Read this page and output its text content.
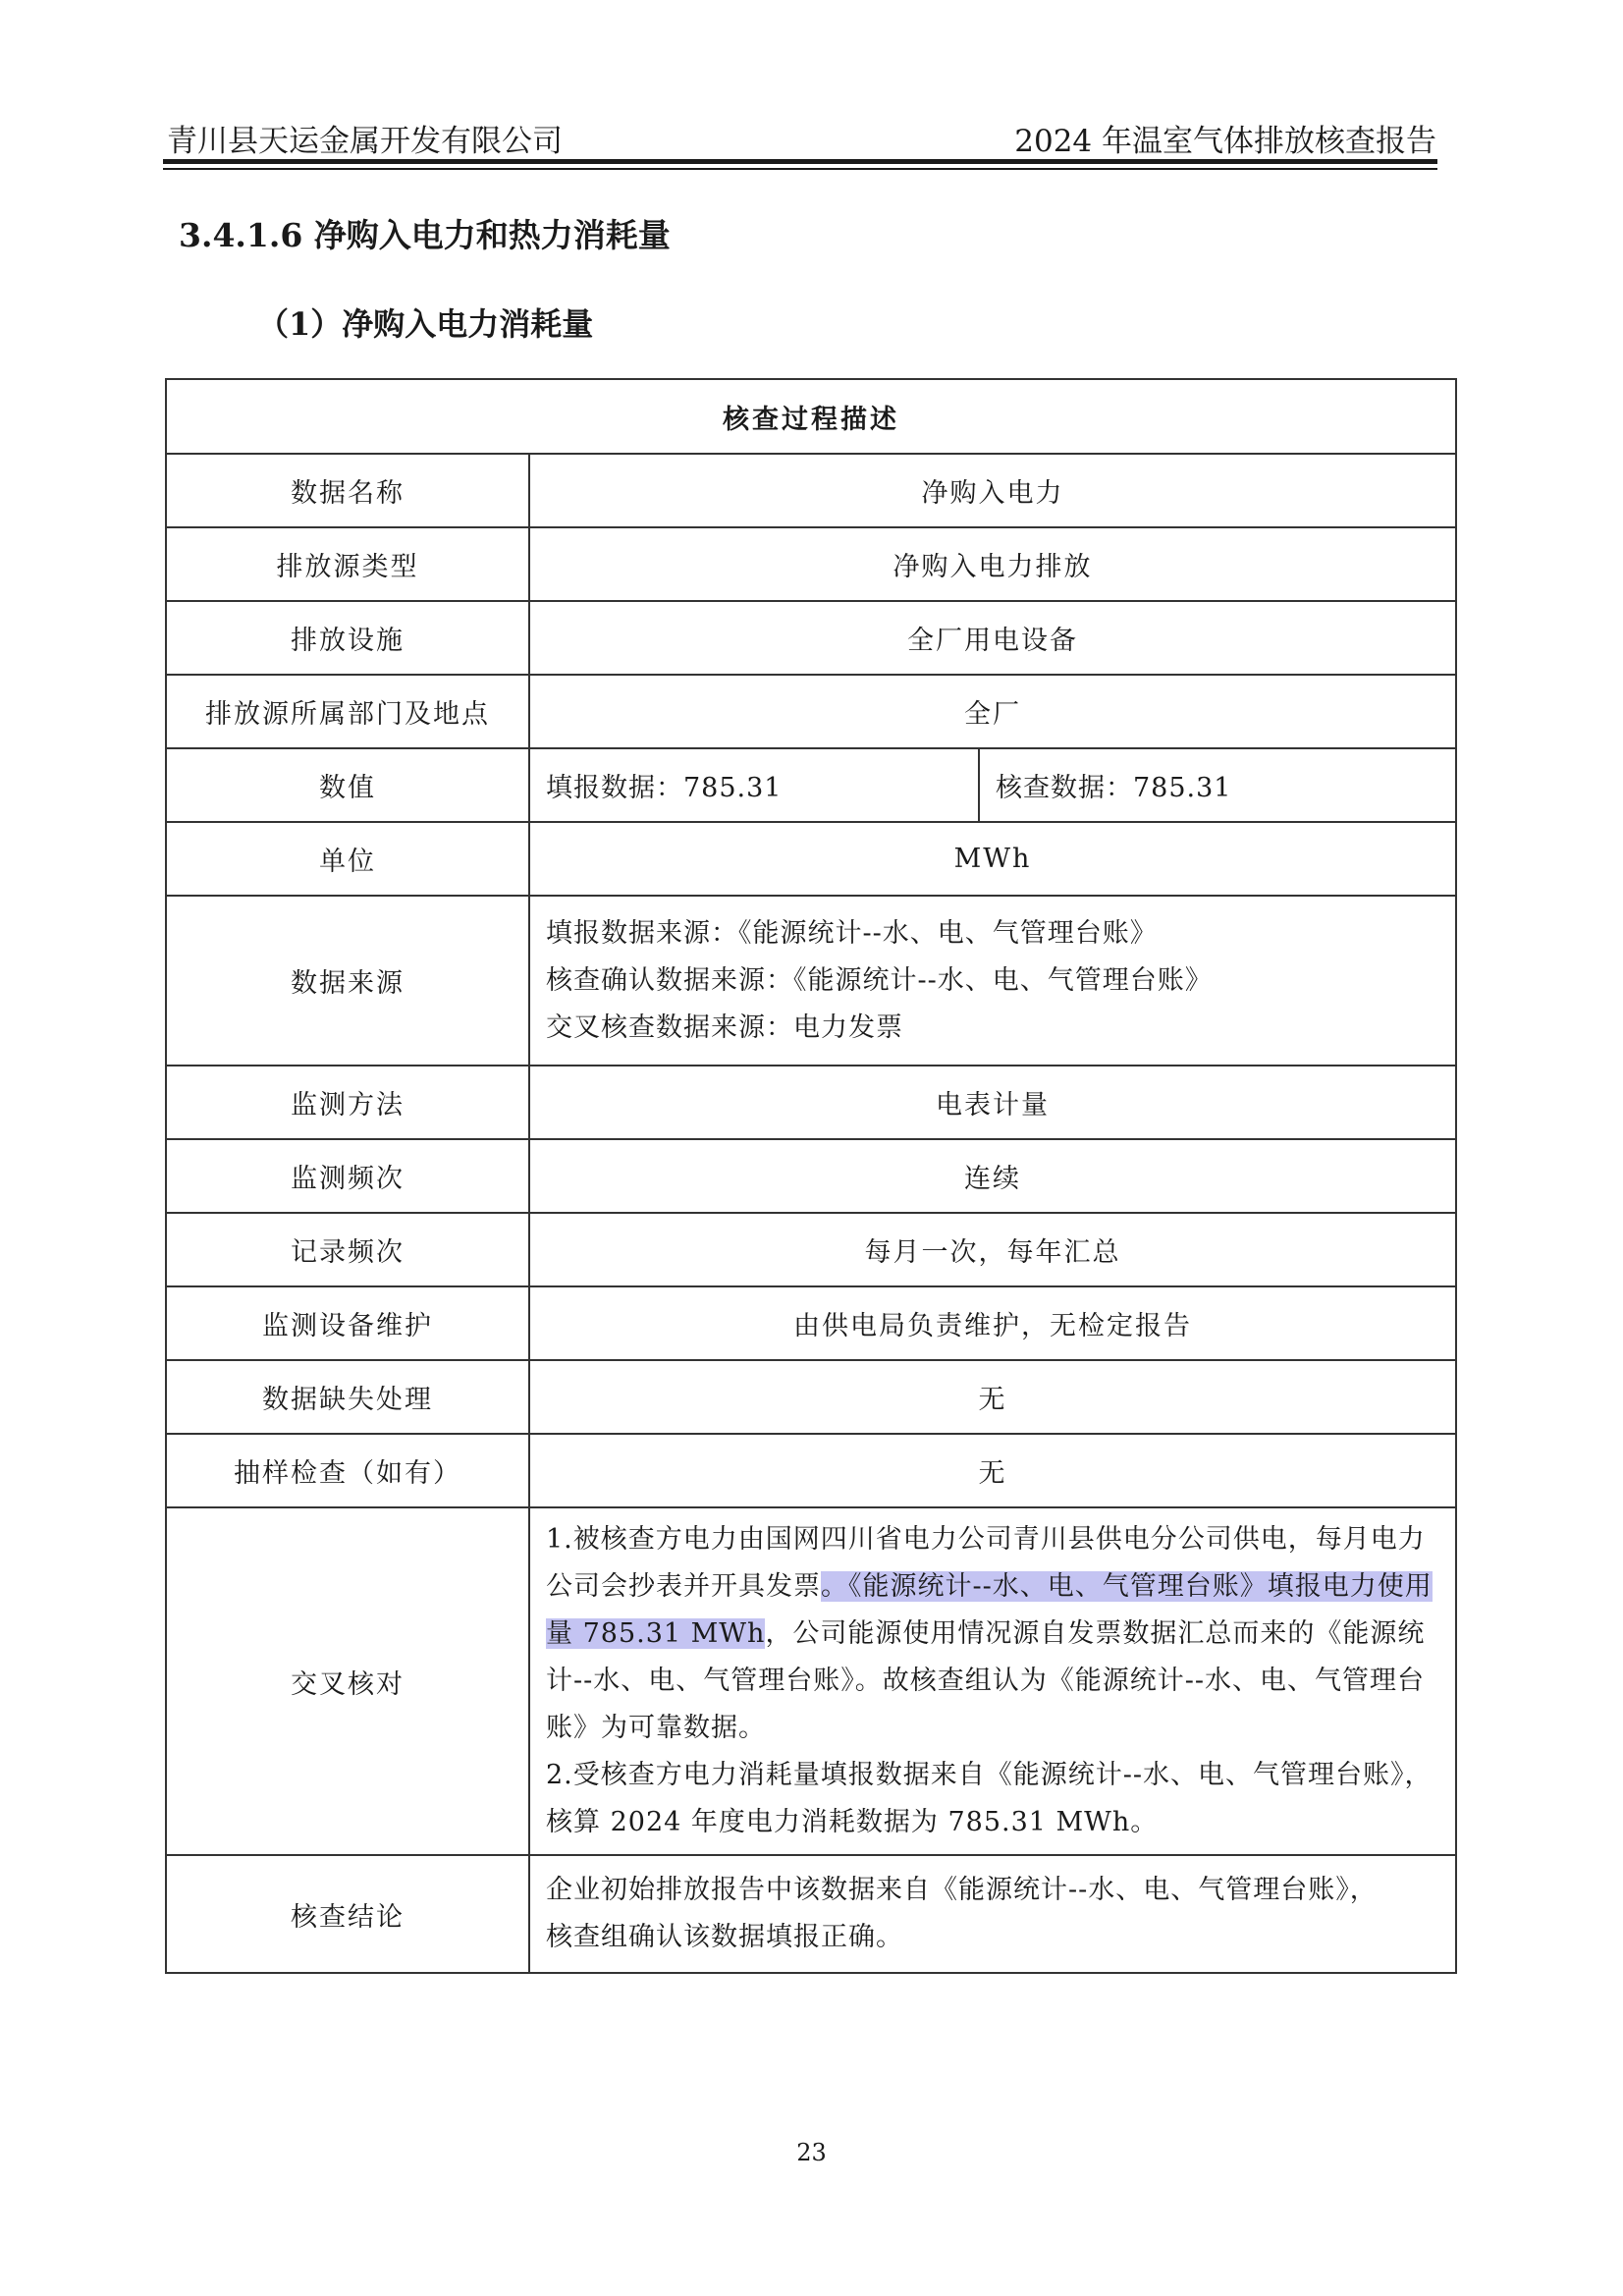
青川县天运金属开发有限公司	2024 年温室气体排放核查报告
3.4.1.6 净购入电力和热力消耗量
（1）净购入电力消耗量
核查过程描述		
数据名称	净购入电力	
排放源类型	净购入电力排放	
排放设施	全厂用电设备	
排放源所属部门及地点	全厂	
数值	填报数据：785.31	核查数据：785.31
单位	MWh	
数据来源	填报数据来源：《能源统计--水、电、气管理台账》
核查确认数据来源：《能源统计--水、电、气管理台账》
交叉核查数据来源：电力发票	

监测方法	电表计量	
监测频次	连续	
记录频次	每月一次，每年汇总	
监测设备维护	由供电局负责维护，无检定报告	
数据缺失处理	无	
抽样检查（如有）	无	
交叉核对	1.被核查方电力由国网四川省电力公司青川县供电分公司供电，每月电力公司会抄表并开具发票。《能源统计--水、电、气管理台账》填报电力使用量 785.31 MWh，公司能源使用情况源自发票数据汇总而来的《能源统计--水、电、气管理台账》。故核查组认为《能源统计--水、电、气管理台账》为可靠数据。
2.受核查方电力消耗量填报数据来自《能源统计--水、电、气管理台账》，核算 2024 年度电力消耗数据为 785.31 MWh。	

核查结论	企业初始排放报告中该数据来自《能源统计--水、电、气管理台账》，
核查组确认该数据填报正确。	
23
